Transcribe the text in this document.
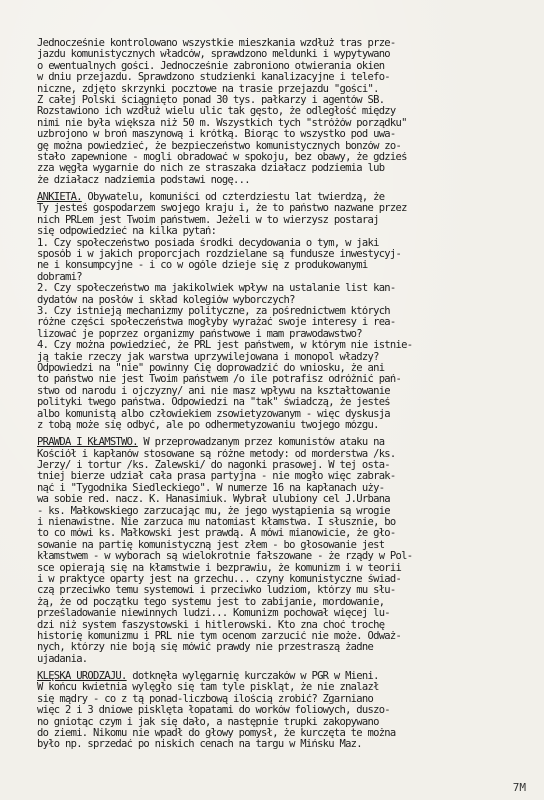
Jednocześnie kontrolowano wszystkie mieszkania wzdłuż tras prze-
jazdu komunistycznych władców, sprawdzono meldunki i wypytywano
o ewentualnych gości. Jednocześnie zabroniono otwierania okien
w dniu przejazdu. Sprawdzono studzienki kanalizacyjne i telefo-
niczne, zdjęto skrzynki pocztowe na trasie przejazdu "gości".
Z całej Polski ściągnięto ponad 30 tys. pałkarzy i agentów SB.
Rozstawiono ich wzdłuż wielu ulic tak gęsto, że odległość między
nimi nie była większa niż 50 m. Wszystkich tych "stróżów porządku"
uzbrojono w broń maszynową i krótką. Biorąc to wszystko pod uwa-
gę można powiedzieć, że bezpieczeństwo komunistycznych bonzów zo-
stało zapewnione - mogli obradować w spokoju, bez obawy, że gdzieś
zza węgła wygarnie do nich ze straszaka działacz podziemia lub
że działacz nadziemia podstawi nogę...
ANKIETA. Obywatelu, komuniści od czterdziestu lat twierdzą, że
Ty jesteś gospodarzem swojego kraju i, że to państwo nazwane przez
nich PRLem jest Twoim państwem. Jeżeli w to wierzysz postaraj
się odpowiedzieć na kilka pytań:
1. Czy społeczeństwo posiada środki decydowania o tym, w jaki
sposób i w jakich proporcjach rozdzielane są fundusze inwestycyj-
ne i konsumpcyjne - i co w ogóle dzieje się z produkowanymi
dobrami?
2. Czy społeczeństwo ma jakikolwiek wpływ na ustalanie list kan-
dydatów na posłów i skład kolegiów wyborczych?
3. Czy istnieją mechanizmy polityczne, za pośrednictwem których
różne części społeczeństwa mogłyby wyrażać swoje interesy i rea-
lizować je poprzez organizmy państwowe i mam prawodawstwo?
4. Czy można powiedzieć, że PRL jest państwem, w którym nie istnie-
ją takie rzeczy jak warstwa uprzywilejowana i monopol władzy?
Odpowiedzi na "nie" powinny Cię doprowadzić do wniosku, że ani
to państwo nie jest Twoim państwem /o ile potrafisz odróżnić pań-
stwo od narodu i ojczyzny/ ani nie masz wpływu na kształtowanie
polityki twego państwa. Odpowiedzi na "tak" świadczą, że jesteś
albo komunistą albo człowiekiem zsowietyzowanym - więc dyskusja
z tobą może się odbyć, ale po odhermetyzowaniu twojego mózgu.
PRAWDA I KŁAMSTWO. W przeprowadzanym przez komunistów ataku na
Kościół i kapłanów stosowane są różne metody: od morderstwa /ks.
Jerzy/ i tortur /ks. Zalewski/ do nagonki prasowej. W tej osta-
tniej bierze udział cała prasa partyjna - nie mogło więc zabrak-
nąć i "Tygodnika Siedleckiego". W numerze 16 na kapłanach uży-
wa sobie red. nacz. K. Hanasimiuk. Wybrał ulubiony cel J.Urbana
- ks. Małkowskiego zarzucając mu, że jego wystąpienia są wrogie
i nienawistne. Nie zarzuca mu natomiast kłamstwa. I słusznie, bo
to co mówi ks. Małkowski jest prawdą. A mówi mianowicie, że gło-
sowanie na partię komunistyczną jest złem - bo głosowanie jest
kłamstwem - w wyborach są wielokrotnie fałszowane - że rządy w Pol-
sce opierają się na kłamstwie i bezprawiu, że komunizm i w teorii
i w praktyce oparty jest na grzechu... czyny komunistyczne świad-
czą przeciwko temu systemowi i przeciwko ludziom, którzy mu słu-
żą, że od początku tego systemu jest to zabijanie, mordowanie,
prześladowanie niewinnych ludzi... Komunizm pochował więcej lu-
dzi niż system faszystowski i hitlerowski. Kto zna choć trochę
historię komunizmu i PRL nie tym ocenom zarzucić nie może. Odważ-
nych, którzy nie boją się mówić prawdy nie przestraszą żadne
ujadania.
KLĘSKA URODZAJU. dotknęła wylęgarnię kurczaków w PGR w Mieni.
W końcu kwietnia wylęgło się tam tyle piskląt, że nie znalazł
się mądry - co z tą ponad-liczbową ilością zrobić? Zgarniano
więc 2 i 3 dniowe pisklęta łopatami do worków foliowych, duszo-
no gniotąc czym i jak się dało, a następnie trupki zakopywano
do ziemi. Nikomu nie wpadł do głowy pomysł, że kurczęta te można
było np. sprzedać po niskich cenach na targu w Mińsku Maz.
7M
